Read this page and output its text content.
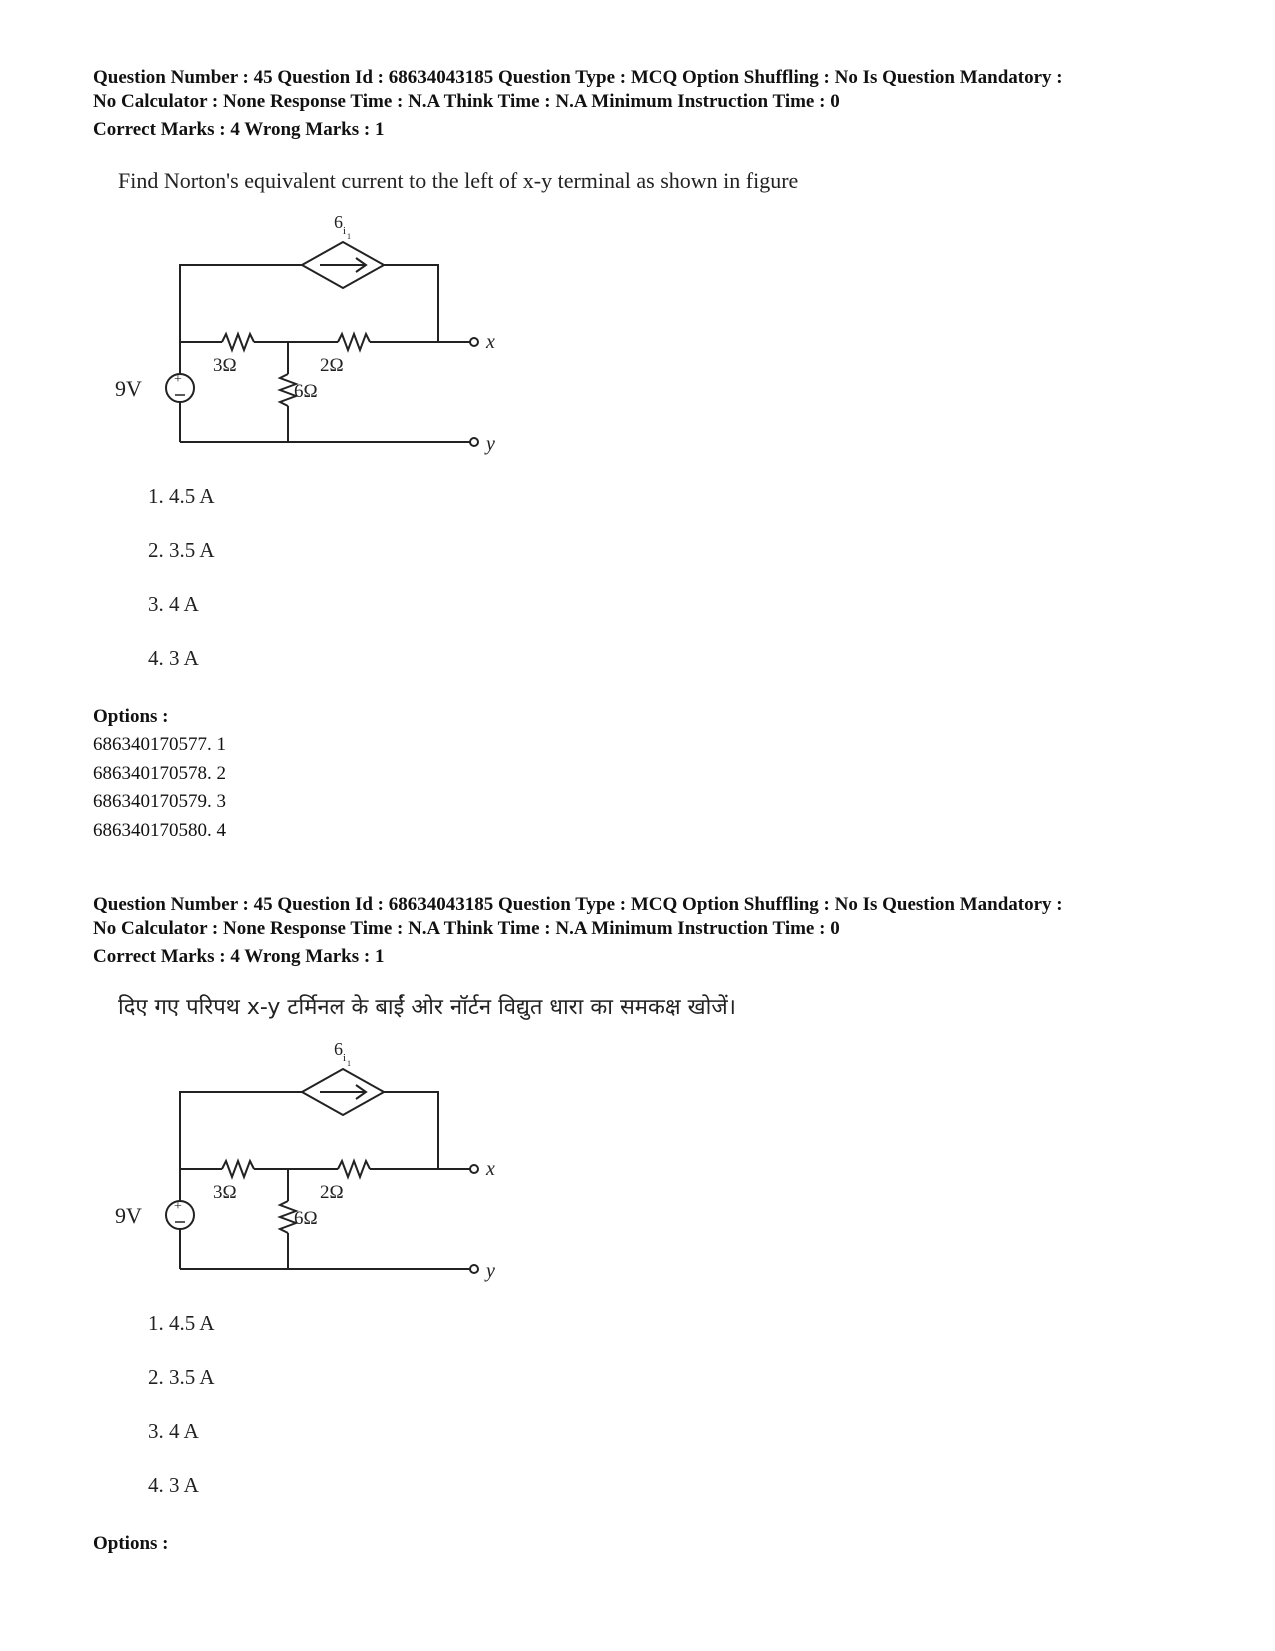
Question Number : 45 Question Id : 68634043185 Question Type : MCQ Option Shuffling : No Is Question Mandatory :
No Calculator : None Response Time : N.A Think Time : N.A Minimum Instruction Time : 0
Correct Marks : 4 Wrong Marks : 1
Find Norton's equivalent current to the left of x-y terminal as shown in figure
+
9V
6 i 1
3Ω	2Ω
6Ω
x
y
1. 4.5 A
2. 3.5 A
3. 4 A
4. 3 A
Options :
686340170577. 1
686340170578. 2
686340170579. 3
686340170580. 4
Question Number : 45 Question Id : 68634043185 Question Type : MCQ Option Shuffling : No Is Question Mandatory :
No Calculator : None Response Time : N.A Think Time : N.A Minimum Instruction Time : 0
Correct Marks : 4 Wrong Marks : 1
दिए गए परिपथ x-y टर्मिनल के बाईं ओर नॉर्टन विद्युत धारा का समकक्ष खोजें।
+
9V
6 i 1
3Ω	2Ω
6Ω
x
y
1. 4.5 A
2. 3.5 A
3. 4 A
4. 3 A
Options :
